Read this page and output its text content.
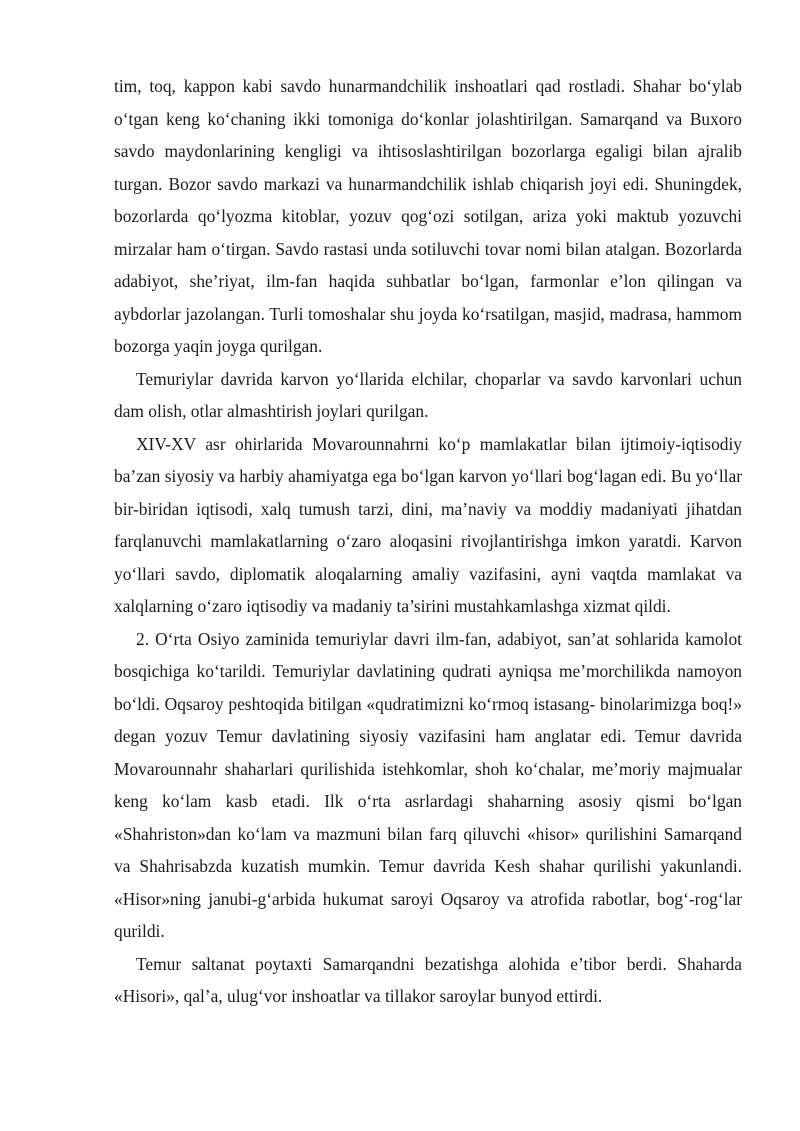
tim, toq, kappon kabi savdo hunarmandchilik inshoatlari qad rostladi. Shahar bo‘ylab o‘tgan keng ko‘chaning ikki tomoniga do‘konlar jolashtirilgan. Samarqand va Buxoro savdo maydonlarining kengligi va ihtisoslashtirilgan bozorlarga egaligi bilan ajralib turgan. Bozor savdo markazi va hunarmandchilik ishlab chiqarish joyi edi. Shuningdek, bozorlarda qo‘lyozma kitoblar, yozuv qog‘ozi sotilgan, ariza yoki maktub yozuvchi mirzalar ham o‘tirgan. Savdo rastasi unda sotiluvchi tovar nomi bilan atalgan. Bozorlarda adabiyot, she’riyat, ilm-fan haqida suhbatlar bo‘lgan, farmonlar e’lon qilingan va aybdorlar jazolangan. Turli tomoshalar shu joyda ko‘rsatilgan, masjid, madrasa, hammom bozorga yaqin joyga qurilgan.

Temuriylar davrida karvon yo‘llarida elchilar, choparlar va savdo karvonlari uchun dam olish, otlar almashtirish joylari qurilgan.

XIV-XV asr ohirlarida Movarounnahrni ko‘p mamlakatlar bilan ijtimoiy-iqtisodiy ba’zan siyosiy va harbiy ahamiyatga ega bo‘lgan karvon yo‘llari bog‘lagan edi. Bu yo‘llar bir-biridan iqtisodi, xalq tumush tarzi, dini, ma’naviy va moddiy madaniyati jihatdan farqlanuvchi mamlakatlarning o‘zaro aloqasini rivojlantirishga imkon yaratdi. Karvon yo‘llari savdo, diplomatik aloqalarning amaliy vazifasini, ayni vaqtda mamlakat va xalqlarning o‘zaro iqtisodiy va madaniy ta’sirini mustahkamlashga xizmat qildi.

2. O‘rta Osiyo zaminida temuriylar davri ilm-fan, adabiyot, san’at sohlarida kamolot bosqichiga ko‘tarildi. Temuriylar davlatining qudrati ayniqsa me’morchilikda namoyon bo‘ldi. Oqsaroy peshtoqida bitilgan «qudratimizni ko‘rmoq istasang- binolarimizga boq!» degan yozuv Temur davlatining siyosiy vazifasini ham anglatar edi. Temur davrida Movarounnahr shaharlari qurilishida istehkomlar, shoh ko‘chalar, me’moriy majmualar keng ko‘lam kasb etadi. Ilk o‘rta asrlardagi shaharning asosiy qismi bo‘lgan «Shahriston»dan ko‘lam va mazmuni bilan farq qiluvchi «hisor» qurilishini Samarqand va Shahrisabzda kuzatish mumkin. Temur davrida Kesh shahar qurilishi yakunlandi. «Hisor»ning janubi-g‘arbida hukumat saroyi Oqsaroy va atrofida rabotlar, bog‘-rog‘lar qurildi.

Temur saltanat poytaxti Samarqandni bezatishga alohida e’tibor berdi. Shaharda «Hisori», qal’a, ulug‘vor inshoatlar va tillakor saroylar bunyod ettirdi.
